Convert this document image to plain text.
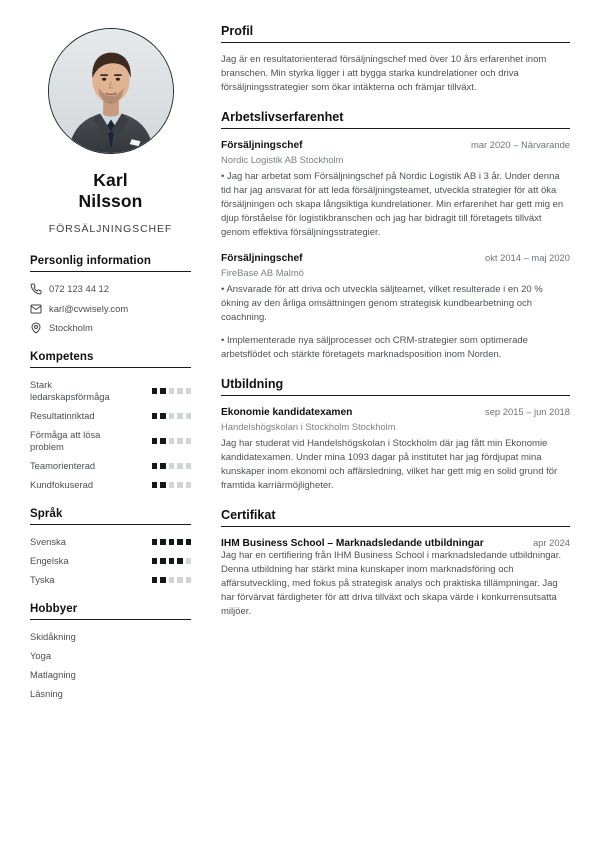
Karl
Nilsson
FÖRSÄLJNINGSCHEF
Personlig information
072 123 44 12
karl@cvwisely.com
Stockholm
Kompetens
Stark ledarskapsförmåga
Resultatinriktad
Förmåga att lösa problem
Teamorienterad
Kundfokuserad
Språk
Svenska
Engelska
Tyska
Hobbyer
Skidåkning
Yoga
Matlagning
Läsning
Profil

Jag är en resultatorienterad försäljningschef med över 10 års erfarenhet inom branschen. Min styrka ligger i att bygga starka kundrelationer och driva försäljningsstrategier som ökar intäkterna och främjar tillväxt.

Arbetslivserfarenhet
Försäljningschef	mar 2020 – Närvarande
Nordic Logistik AB Stockholm

• Jag har arbetat som Försäljningschef på Nordic Logistik AB i 3 år. Under denna tid har jag ansvarat för att leda försäljningsteamet, utveckla strategier för att öka försäljningen och skapa långsiktiga kundrelationer. Min erfarenhet har gett mig en djup förståelse för logistikbranschen och jag har bidragit till företagets tillväxt genom effektiva försäljningsstrategier.

Försäljningschef	okt 2014 – maj 2020
FireBase AB Malmö

• Ansvarade för att driva och utveckla säljteamet, vilket resulterade i en 20 % ökning av den årliga omsättningen genom strategisk kundbearbetning och coachning.

• Implementerade nya säljprocesser och CRM-strategier som optimerade arbetsflödet och stärkte företagets marknadsposition inom Norden.

Utbildning
Ekonomie kandidatexamen	sep 2015 – jun 2018
Handelshögskolan i Stockholm Stockholm

Jag har studerat vid Handelshögskolan i Stockholm där jag fått min Ekonomie kandidatexamen. Under mina 1093 dagar på institutet har jag fördjupat mina kunskaper inom ekonomi och affärsledning, vilket har gett mig en solid grund för framtida karriärmöjligheter.

Certifikat
IHM Business School – Marknadsledande utbildningar	apr 2024

Jag har en certifiering från IHM Business School i marknadsledande utbildningar. Denna utbildning har stärkt mina kunskaper inom marknadsföring och affärsutveckling, med fokus på strategisk analys och praktiska tillämpningar. Jag har förvärvat färdigheter för att driva tillväxt och skapa värde i konkurrensutsatta miljöer.
